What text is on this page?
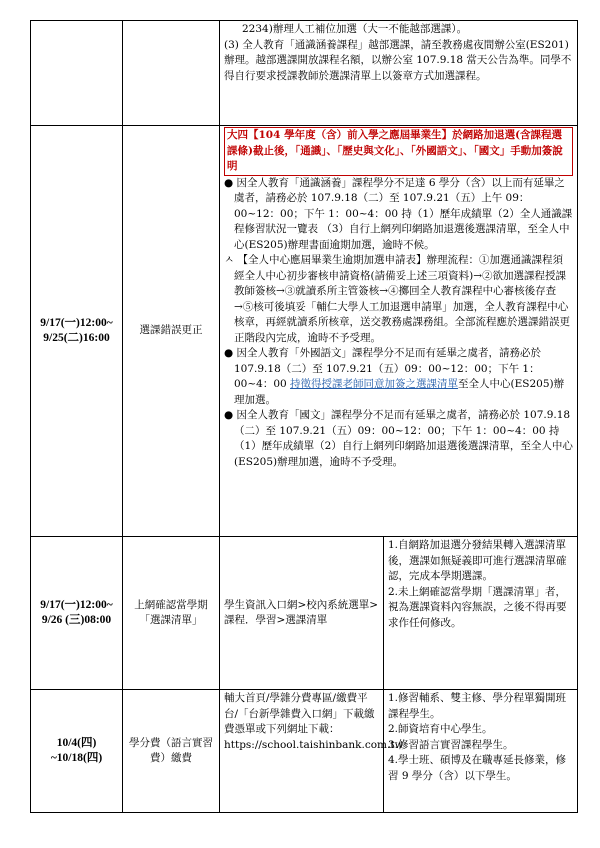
		2234)辦理人工補位加選（大一不能越部選課）。

(3) 全人教育「通識涵養課程」越部選課，請至教務處夜間辦公室(ES201)辦理。越部選課開放課程名額，以辦公室 107.9.18 當天公告為準。同學不得自行要求授課教師於選課清單上以簽章方式加選課程。	

9/17(一)12:00~ 9/25(二)16:00	選課錯誤更正	大四【104 學年度（含）前入學之應屆畢業生】於網路加退選(含課程選課條)截止後，「通識」、「歷史與文化」、「外國語文」、「國文」手動加簽說明

● 因全人教育「通識涵養」課程學分不足達 6 學分（含）以上而有延畢之虞者，請務必於 107.9.18（二）至 107.9.21（五）上午 09：00~12：00；下午 1：00~4：00 持（1）歷年成績單（2）全人通識課程修習狀況一覽表 （3）自行上網列印網路加退選後選課清單，至全人中心(ES205)辦理書面逾期加選，逾時不候。

ㅅ 【全人中心應屆畢業生逾期加選申請表】辦理流程：①加選通識課程須經全人中心初步審核申請資格(請備妥上述三項資料)→②欲加選課程授課教師簽核→③就讀系所主管簽核→④擲回全人教育課程中心審核後存查→⑤核可後填妥「輔仁大學人工加退選申請單」加選，全人教育課程中心核章，再經就讀系所核章，送交教務處課務組。全部流程應於選課錯誤更正階段內完成，逾時不予受理。

● 因全人教育「外國語文」課程學分不足而有延畢之虞者，請務必於 107.9.18（二）至 107.9.21（五）09：00~12：00；下午 1：00~4：00 持徵得授課老師同意加簽之選課清單至全人中心(ES205)辦理加選。

● 因全人教育「國文」課程學分不足而有延畢之虞者，請務必於 107.9.18（二）至 107.9.21（五）09：00~12：00；下午 1：00~4：00 持（1）歷年成績單（2）自行上網列印網路加退選後選課清單，至全人中心(ES205)辦理加選，逾時不予受理。	

9/17(一)12:00~ 9/26 (三)08:00	上網確認當學期「選課清單」	學生資訊入口網>校內系統選單>課程．學習>選課清單	1.自網路加退選分發結果轉入選課清單後，選課如無疑義即可進行選課清單確認，完成本學期選課。

2.未上網確認當學期「選課清單」者，視為選課資料內容無誤，之後不得再要求作任何修改。

10/4(四) ~10/18(四)	學分費（語言實習費）繳費	輔大首頁/學雜分費專區/繳費平台/「台新學雜費入口網」下載繳費憑單或下列網址下載：https://school.taishinbank.com.tw	1.修習輔系、雙主修、學分程單獨開班課程學生。

2.師資培育中心學生。

3.修習語言實習課程學生。

4.學士班、碩博及在職專延長修業，修習 9 學分（含）以下學生。
